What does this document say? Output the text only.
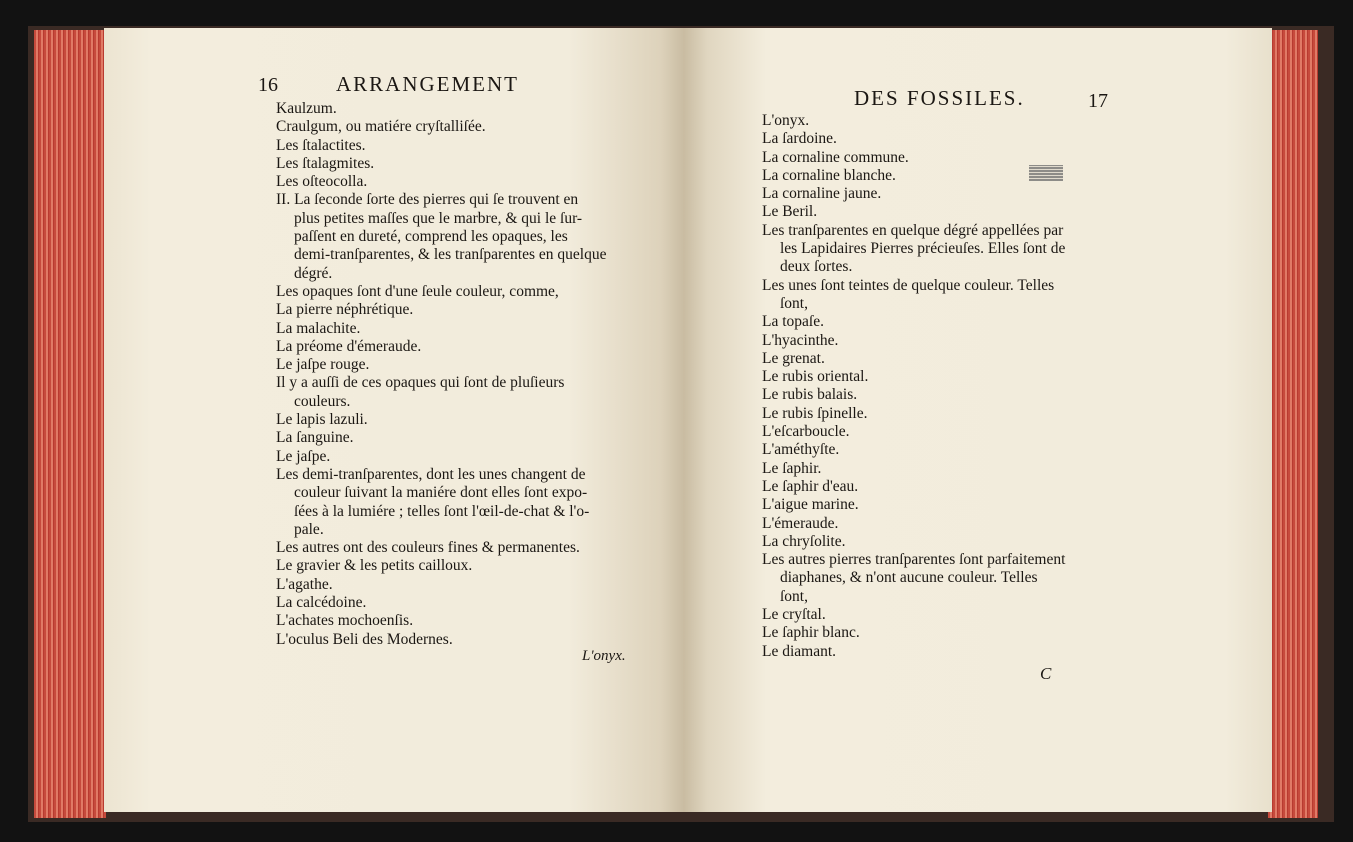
16	ARRANGEMENT
Kaulzum.
Craulgum, ou matiére cryſtalliſée.
Les ſtalactites.
Les ſtalagmites.
Les oſteocolla.
II. La ſeconde ſorte des pierres qui ſe trouvent en
plus petites maſſes que le marbre, & qui le ſur-
paſſent en dureté, comprend les opaques, les
demi-tranſparentes, & les tranſparentes en quelque
dégré.
Les opaques ſont d'une ſeule couleur, comme,
La pierre néphrétique.
La malachite.
La préome d'émeraude.
Le jaſpe rouge.
Il y a auſſi de ces opaques qui ſont de pluſieurs
couleurs.
Le lapis lazuli.
La ſanguine.
Le jaſpe.
Les demi-tranſparentes, dont les unes changent de
couleur ſuivant la maniére dont elles ſont expo-
ſées à la lumiére ; telles ſont l'œil-de-chat & l'o-
pale.
Les autres ont des couleurs fines & permanentes.
Le gravier & les petits cailloux.
L'agathe.
La calcédoine.
L'achates mochoenſis.
L'oculus Beli des Modernes.
L'onyx.
DES FOSSILES.	17
L'onyx.
La ſardoine.
La cornaline commune.
La cornaline blanche.
La cornaline jaune.
Le Beril.
Les tranſparentes en quelque dégré appellées par
les Lapidaires Pierres précieuſes. Elles ſont de
deux ſortes.
Les unes ſont teintes de quelque couleur. Telles
ſont,
La topaſe.
L'hyacinthe.
Le grenat.
Le rubis oriental.
Le rubis balais.
Le rubis ſpinelle.
L'eſcarboucle.
L'améthyſte.
Le ſaphir.
Le ſaphir d'eau.
L'aigue marine.
L'émeraude.
La chryſolite.
Les autres pierres tranſparentes ſont parfaitement
diaphanes, & n'ont aucune couleur. Telles
ſont,
Le cryſtal.
Le ſaphir blanc.
Le diamant.
C
